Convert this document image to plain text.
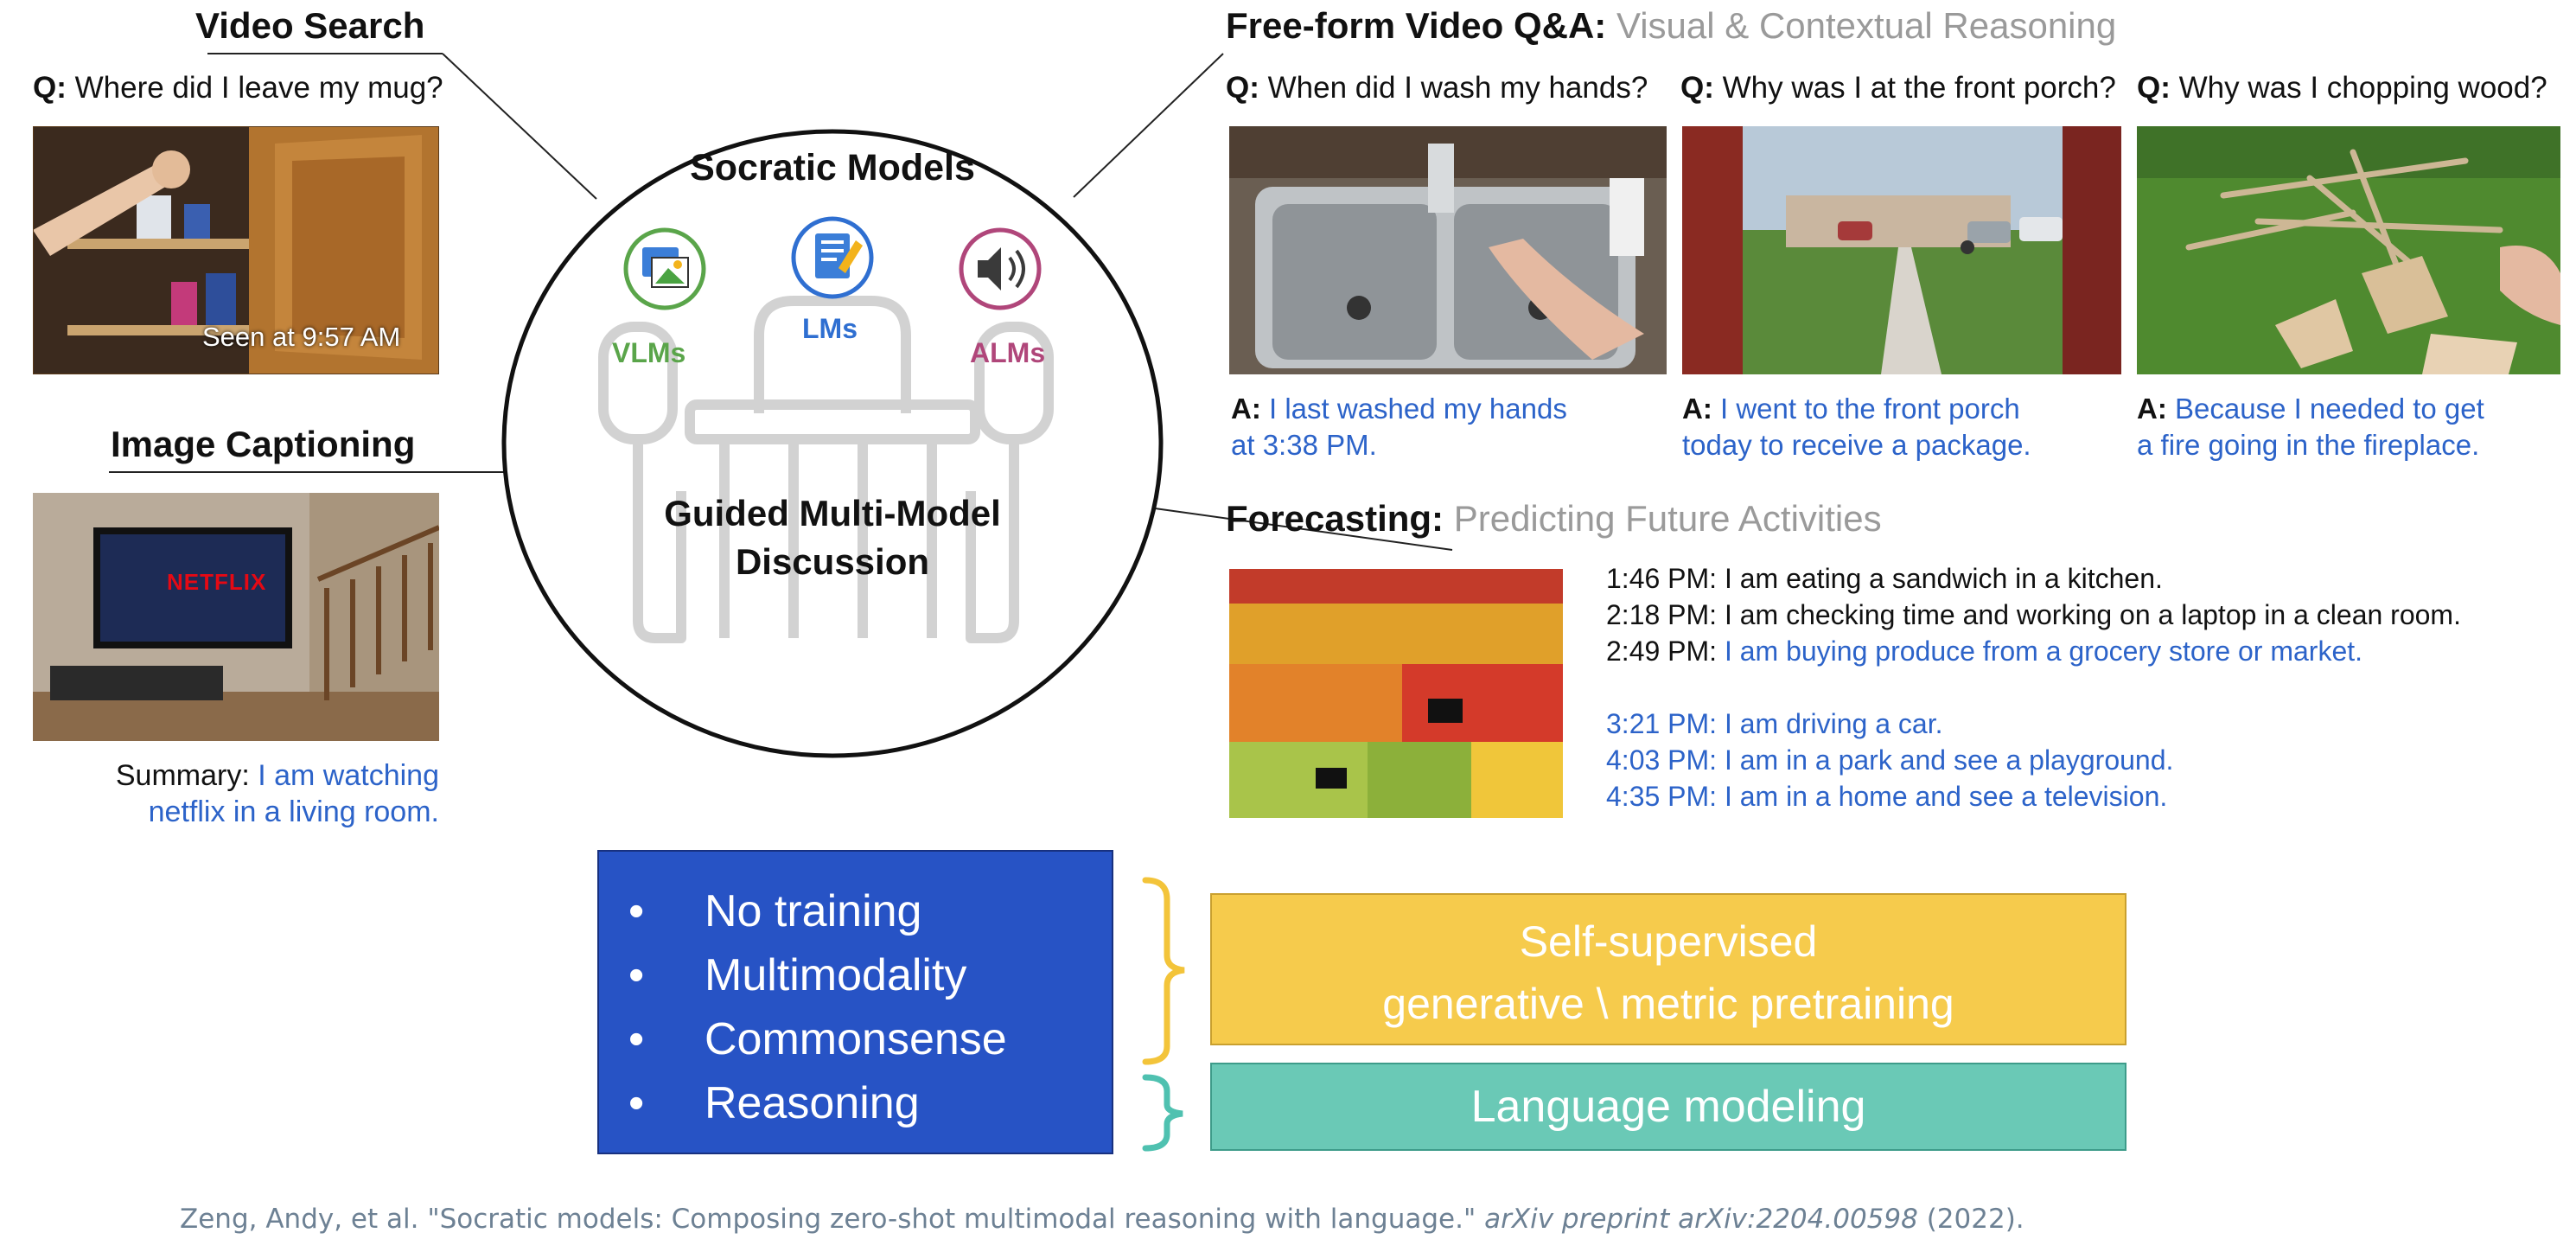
Video Search
Q: Where did I leave my mug?
Seen at 9:57 AM
Image Captioning
NETFLIX
Summary: I am watching
netflix in a living room.
Socratic Models
VLMs
LMs
ALMs
Guided Multi-Model
Discussion
Free-form Video Q&A: Visual & Contextual Reasoning
Q: When did I wash my hands?
A: I last washed my hands
at 3:38 PM.
Q: Why was I at the front porch?
A: I went to the front porch
today to receive a package.
Q: Why was I chopping wood?
A: Because I needed to get
a fire going in the fireplace.
Forecasting: Predicting Future Activities
1:46 PM: I am eating a sandwich in a kitchen.
2:18 PM: I am checking time and working on a laptop in a clean room.
2:49 PM: I am buying produce from a grocery store or market.
3:21 PM: I am driving a car.
4:03 PM: I am in a park and see a playground.
4:35 PM: I am in a home and see a television.
• No training
• Multimodality
• Commonsense
• Reasoning
Self-supervised
generative \ metric pretraining
Language modeling
Zeng, Andy, et al. "Socratic models: Composing zero-shot multimodal reasoning with language." arXiv preprint arXiv:2204.00598 (2022).
